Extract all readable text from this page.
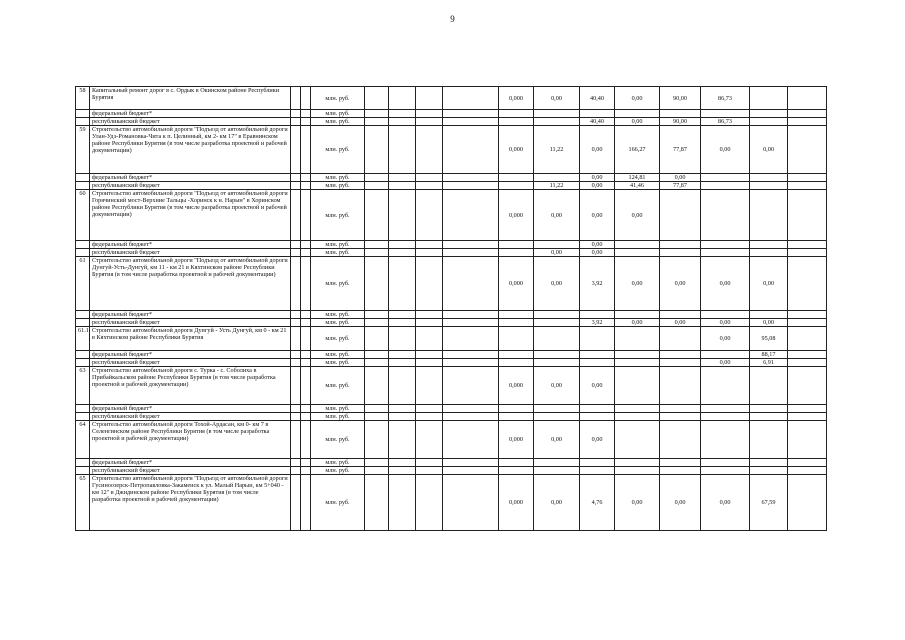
9
58	Капитальный ремонт дорог в с. Ордык в Окинском районе Республики Бурятия			млн. руб.					0,000	0,00	40,40	0,00	90,00	86,73		
	федеральный бюджет*			млн. руб.												
	республиканский бюджет			млн. руб.							40,40	0,00	90,00	86,73		
59	Строительство автомобильной дороги "Подъезд от автомобильной дороги Улан-Удэ-Романовка-Чита к п. Целинный, км 2- км 17" в Еравнинском районе Республики Бурятия (в том числе разработка проектной и рабочей документации)			млн. руб.					0,000	11,22	0,00	166,27	77,87	0,00	0,00	
	федеральный бюджет*			млн. руб.							0,00	124,81	0,00			
	республиканский бюджет			млн. руб.						11,22	0,00	41,46	77,87			
60	Строительство автомобильной дороги "Подъезд от автомобильной дороги Горячинский мост-Верхние Тальцы -Хоринск к н. Нарын" в Хоринском районе Республики Бурятия (в том числе разработка проектной и рабочей документации)			млн. руб.					0,000	0,00	0,00	0,00				
	федеральный бюджет*			млн. руб.							0,00					
	республиканский бюджет			млн. руб.						0,00	0,00					
61	Строительство автомобильной дороги "Подъезд от автомобильной дороги Дунгуй-Усть-Дунгуй, км 11 - км 21 в Кяхтинском районе Республики Бурятия (в том числе разработка проектной и рабочей документации)			млн. руб.					0,000	0,00	3,92	0,00	0,00	0,00	0,00	
	федеральный бюджет*			млн. руб.												
	республиканский бюджет			млн. руб.							3,92	0,00	0,00	0,00	0,00	
61.1	Строительство автомобильной дороги Дунгуй - Усть Дунгуй, км 0 - км 21 в Кяхтинском районе Республики Бурятия			млн. руб.										0,00	95,08	
	федеральный бюджет*			млн. руб.											88,17	
	республиканский бюджет			млн. руб.										0,00	6,91	
63	Строительство автомобильной дороги с. Турка - с. Соболиха в Прибайкальском районе Республики Бурятия (в том числе разработка проектной и рабочей документации)			млн. руб.					0,000	0,00	0,00					
	федеральный бюджет*			млн. руб.												
	республиканский бюджет			млн. руб.												
64	Строительство автомобильной дороги Тохой-Ардасан, км 0- км 7 в Селенгинском районе Республики Бурятия (в том числе разработка проектной и рабочей документации)			млн. руб.					0,000	0,00	0,00					
	федеральный бюджет*			млн. руб.												
	республиканский бюджет			млн. руб.												
65	Строительство автомобильной дороги "Подъезд от автомобильной дороги Гусиноозерск-Петропавловка-Закаменск к ул. Малый Нарын, км 5+040 - км 12" в Джидинском районе Республики Бурятия (в том числе разработка проектной и рабочей документации)			млн. руб.					0,000	0,00	4,76	0,00	0,00	0,00	67,59	
